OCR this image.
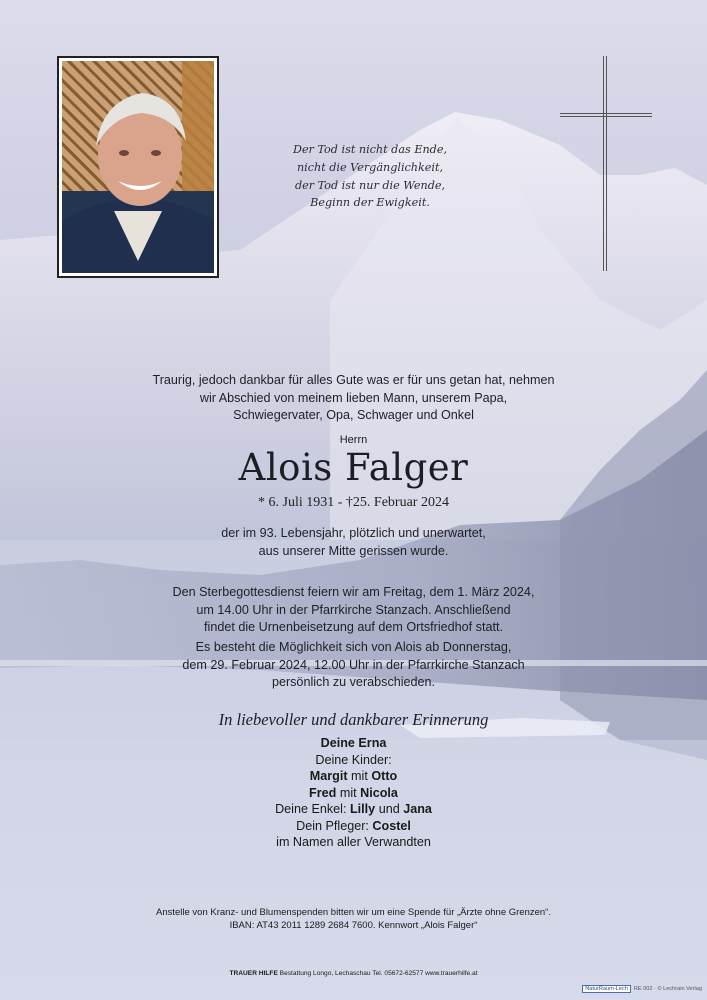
Der Tod ist nicht das Ende,
nicht die Vergänglichkeit,
der Tod ist nur die Wende,
Beginn der Ewigkeit.
Traurig, jedoch dankbar für alles Gute was er für uns getan hat, nehmen
wir Abschied von meinem lieben Mann, unserem Papa,
Schwiegervater, Opa, Schwager und Onkel
Herrn
Alois Falger
* 6. Juli 1931 - †25. Februar 2024
der im 93. Lebensjahr, plötzlich und unerwartet,
aus unserer Mitte gerissen wurde.
Den Sterbegottesdienst feiern wir am Freitag, dem 1. März 2024,
um 14.00 Uhr in der Pfarrkirche Stanzach. Anschließend
findet die Urnenbeisetzung auf dem Ortsfriedhof statt.
Es besteht die Möglichkeit sich von Alois ab Donnerstag,
dem 29. Februar 2024, 12.00 Uhr in der Pfarrkirche Stanzach
persönlich zu verabschieden.
In liebevoller und dankbarer Erinnerung
Deine Erna
Deine Kinder:
Margit mit Otto
Fred mit Nicola
Deine Enkel: Lilly und Jana
Dein Pfleger: Costel
im Namen aller Verwandten
Anstelle von Kranz- und Blumenspenden bitten wir um eine Spende für „Ärzte ohne Grenzen“.
IBAN: AT43 2011 1289 2684 7600. Kennwort „Alois Falger“
TRAUER HILFE Bestattung Longo, Lechaschau Tel. 05672-62577 www.trauerhilfe.at
NaturRaum-Lech RE 002 · © Lechrain Verlag
